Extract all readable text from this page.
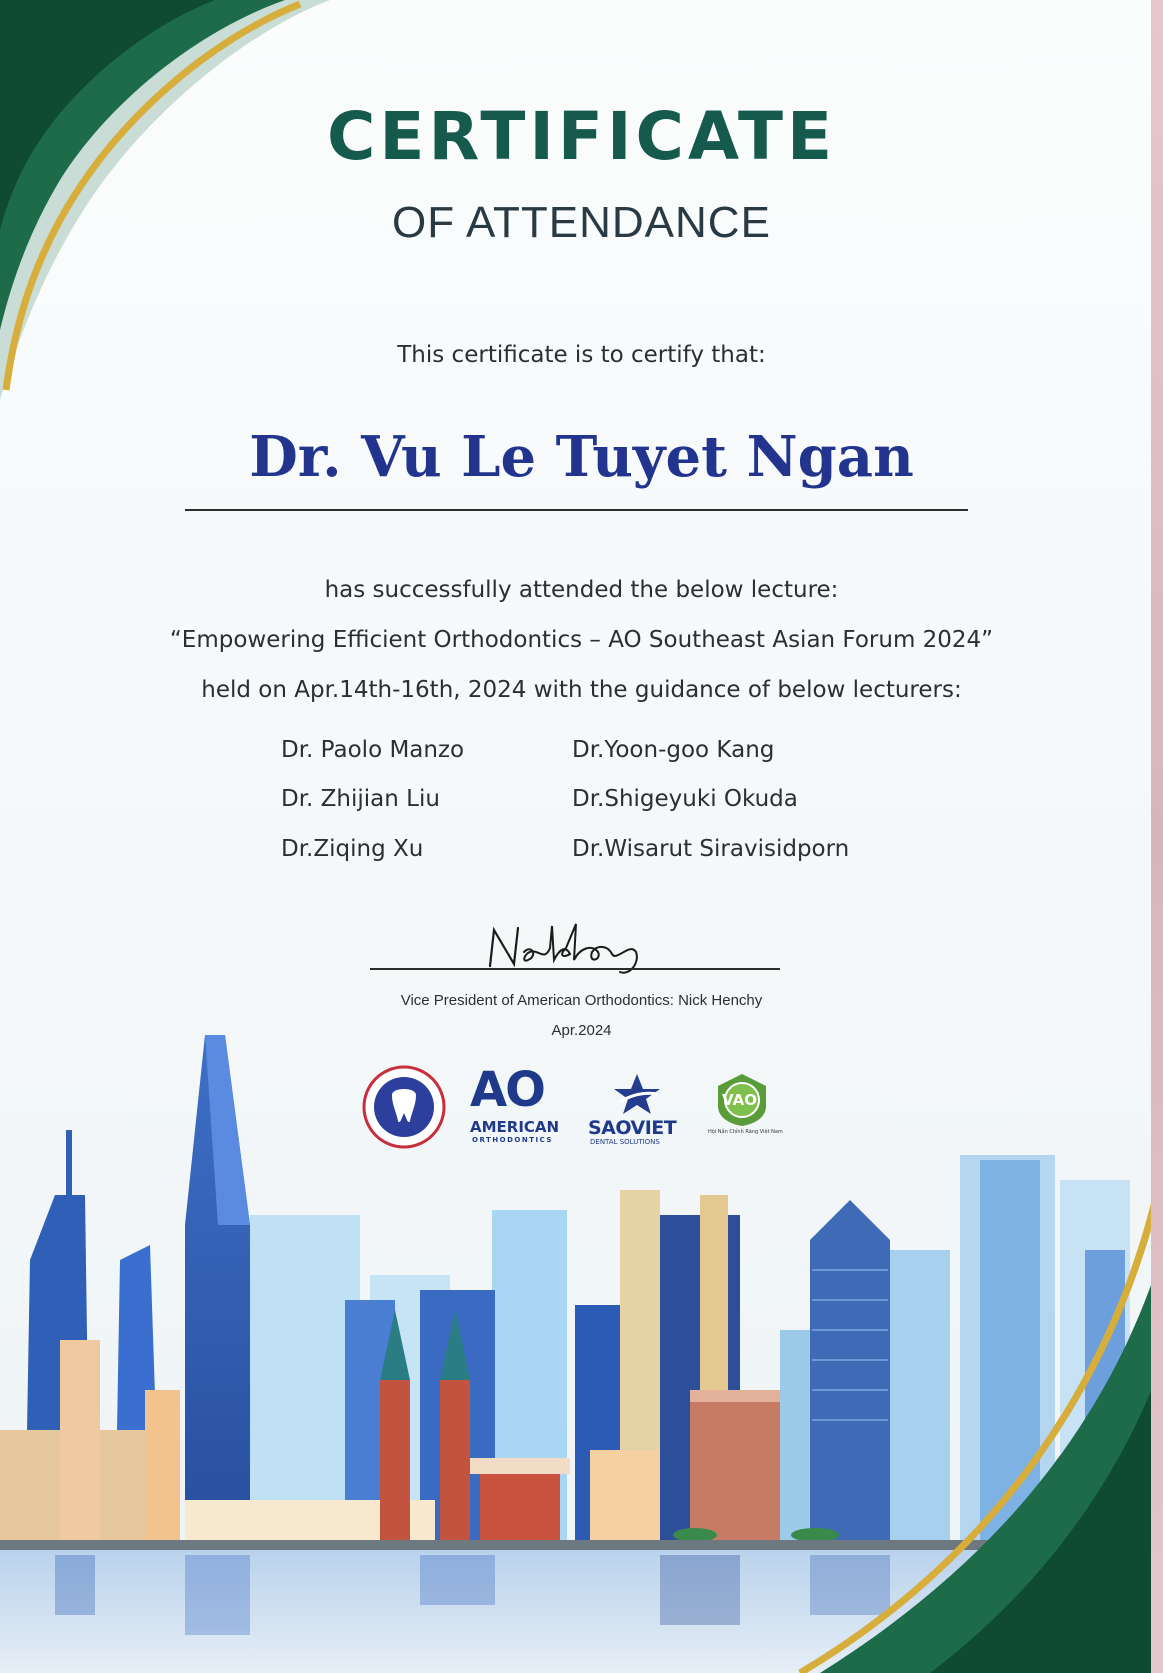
CERTIFICATE
OF ATTENDANCE
This certificate is to certify that:
Dr. Vu Le Tuyet Ngan
has successfully attended the below lecture:
“Empowering Efficient Orthodontics – AO Southeast Asian Forum 2024”
held on Apr.14th-16th, 2024 with the guidance of below lecturers:
Dr. Paolo Manzo
Dr. Zhijian Liu
Dr.Ziqing Xu
Dr.Yoon-goo Kang
Dr.Shigeyuki Okuda
Dr.Wisarut Siravisidporn
Vice President of American Orthodontics: Nick Henchy
Apr.2024
AO
AMERICAN
ORTHODONTICS
SAOVIET
DENTAL SOLUTIONS
VAO
Hội Nắn Chỉnh Răng Việt Nam
